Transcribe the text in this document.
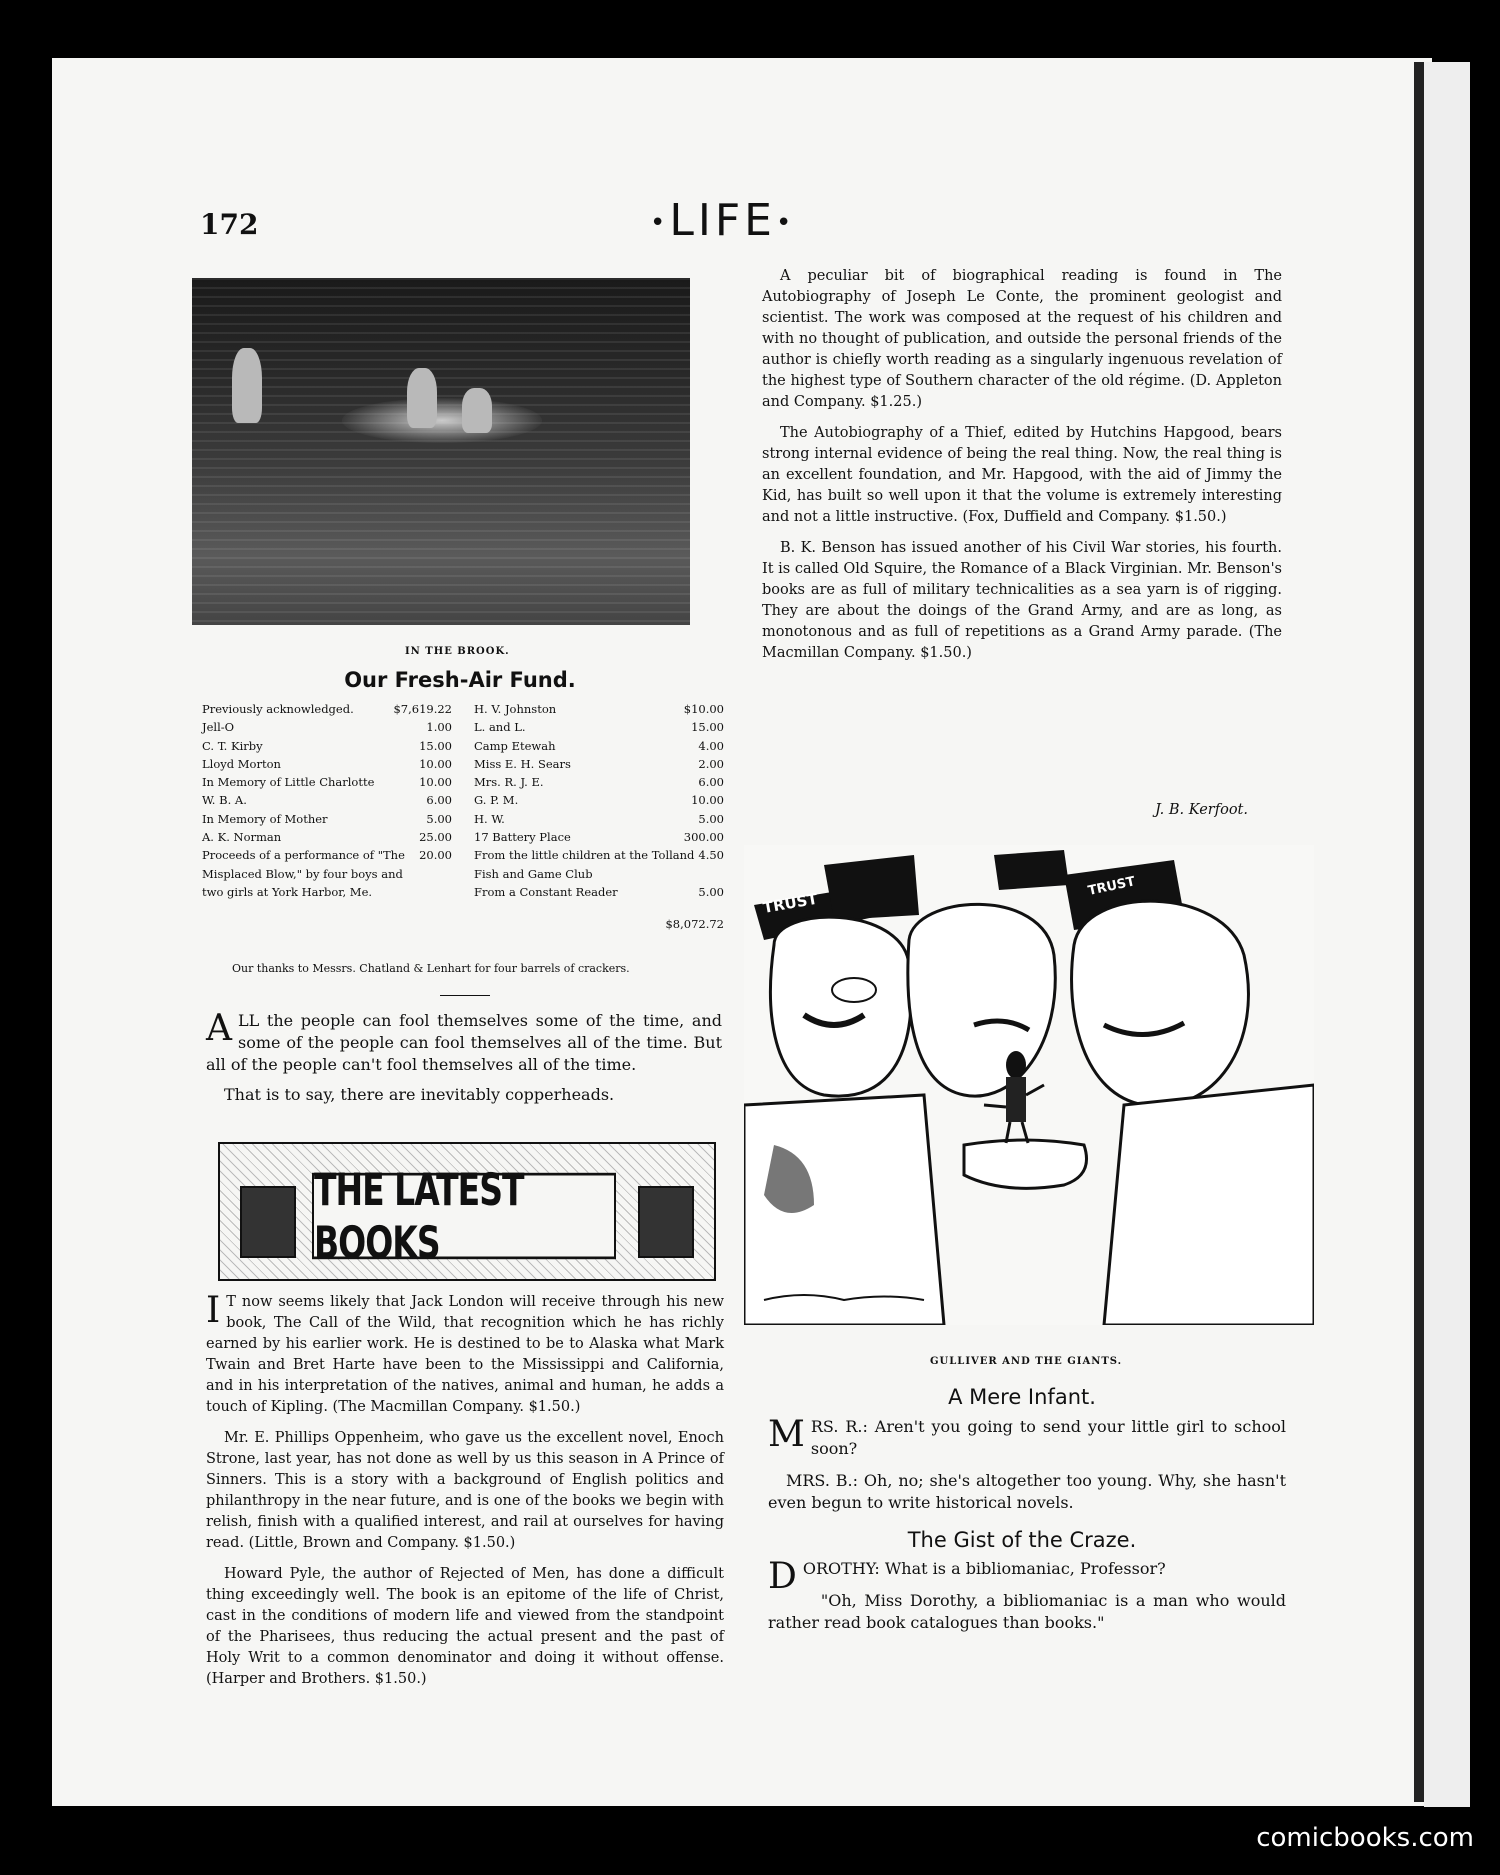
172	•LIFE•
IN THE BROOK.
Our Fresh-Air Fund.
Previously acknowledged.	$7,619.22
Jell-O	1.00
C. T. Kirby	15.00
Lloyd Morton	10.00
In Memory of Little Charlotte	10.00
W. B. A.	6.00
In Memory of Mother	5.00
A. K. Norman	25.00
Proceeds of a performance of "The Misplaced Blow," by four boys and two girls at York Harbor, Me.
20.00
H. V. Johnston	$10.00
L. and L.	15.00
Camp Etewah	4.00
Miss E. H. Sears	2.00
Mrs. R. J. E.	6.00
G. P. M.	10.00
H. W.	5.00
17 Battery Place	300.00
From the little children at the Tolland Fish and Game Club
4.50
From a Constant Reader	5.00
$8,072.72
Our thanks to Messrs. Chatland & Lenhart for four barrels of crackers.

ALL the people can fool themselves some of the time, and some of the people can fool themselves all of the time. But all of the people can't fool themselves all of the time.

That is to say, there are inevitably copperheads.

THE LATEST BOOKS

I T now seems likely that Jack London will receive through his new book, The Call of the Wild, that recognition which he has richly earned by his earlier work. He is destined to be to Alaska what Mark Twain and Bret Harte have been to the Mississippi and California, and in his interpretation of the natives, animal and human, he adds a touch of Kipling. (The Macmillan Company. $1.50.)

Mr. E. Phillips Oppenheim, who gave us the excellent novel, Enoch Strone, last year, has not done as well by us this season in A Prince of Sinners. This is a story with a background of English politics and philanthropy in the near future, and is one of the books we begin with relish, finish with a qualified interest, and rail at ourselves for having read. (Little, Brown and Company. $1.50.)

Howard Pyle, the author of Rejected of Men, has done a difficult thing exceedingly well. The book is an epitome of the life of Christ, cast in the conditions of modern life and viewed from the standpoint of the Pharisees, thus reducing the actual present and the past of Holy Writ to a common denominator and doing it without offense. (Harper and Brothers. $1.50.)

A peculiar bit of biographical reading is found in The Autobiography of Joseph Le Conte, the prominent geologist and scientist. The work was composed at the request of his children and with no thought of publication, and outside the personal friends of the author is chiefly worth reading as a singularly ingenuous revelation of the highest type of Southern character of the old régime. (D. Appleton and Company. $1.25.)

The Autobiography of a Thief, edited by Hutchins Hapgood, bears strong internal evidence of being the real thing. Now, the real thing is an excellent foundation, and Mr. Hapgood, with the aid of Jimmy the Kid, has built so well upon it that the volume is extremely interesting and not a little instructive. (Fox, Duffield and Company. $1.50.)

B. K. Benson has issued another of his Civil War stories, his fourth. It is called Old Squire, the Romance of a Black Virginian. Mr. Benson's books are as full of military technicalities as a sea yarn is of rigging. They are about the doings of the Grand Army, and are as long, as monotonous and as full of repetitions as a Grand Army parade. (The Macmillan Company. $1.50.)

J. B. Kerfoot.
TRUST
TRUST
GULLIVER AND THE GIANTS.
A Mere Infant.

MRS. R.: Aren't you going to send your little girl to school soon?

MRS. B.: Oh, no; she's altogether too young. Why, she hasn't even begun to write historical novels.

The Gist of the Craze.

DOROTHY: What is a bibliomaniac, Professor?

"Oh, Miss Dorothy, a bibliomaniac is a man who would rather read book catalogues than books."

comicbooks.com
